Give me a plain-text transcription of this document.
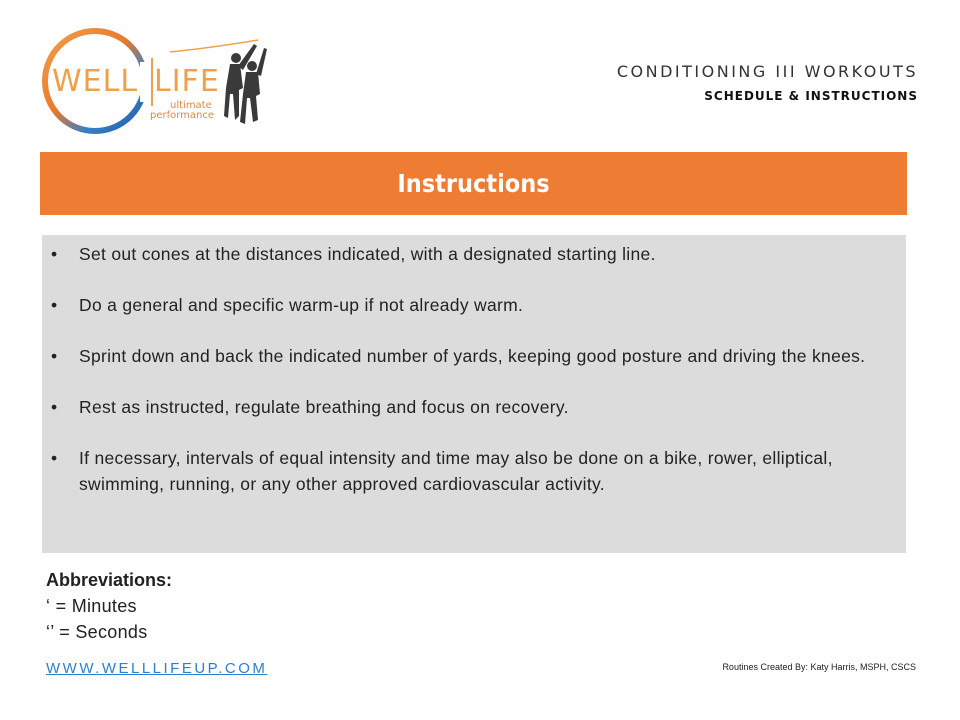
WELL LIFE
ultimate
performance
CONDITIONING III WORKOUTS
SCHEDULE & INSTRUCTIONS
Instructions
• Set out cones at the distances indicated, with a designated starting line.
• Do a general and specific warm-up if not already warm.
• Sprint down and back the indicated number of yards, keeping good posture and driving the knees.
• Rest as instructed, regulate breathing and focus on recovery.
• If necessary, intervals of equal intensity and time may also be done on a bike, rower, elliptical, swimming, running, or any other approved cardiovascular activity.
Abbreviations:
‘ = Minutes
‘’ = Seconds
WWW.WELLLIFEUP.COM	Routines Created By: Katy Harris, MSPH, CSCS
